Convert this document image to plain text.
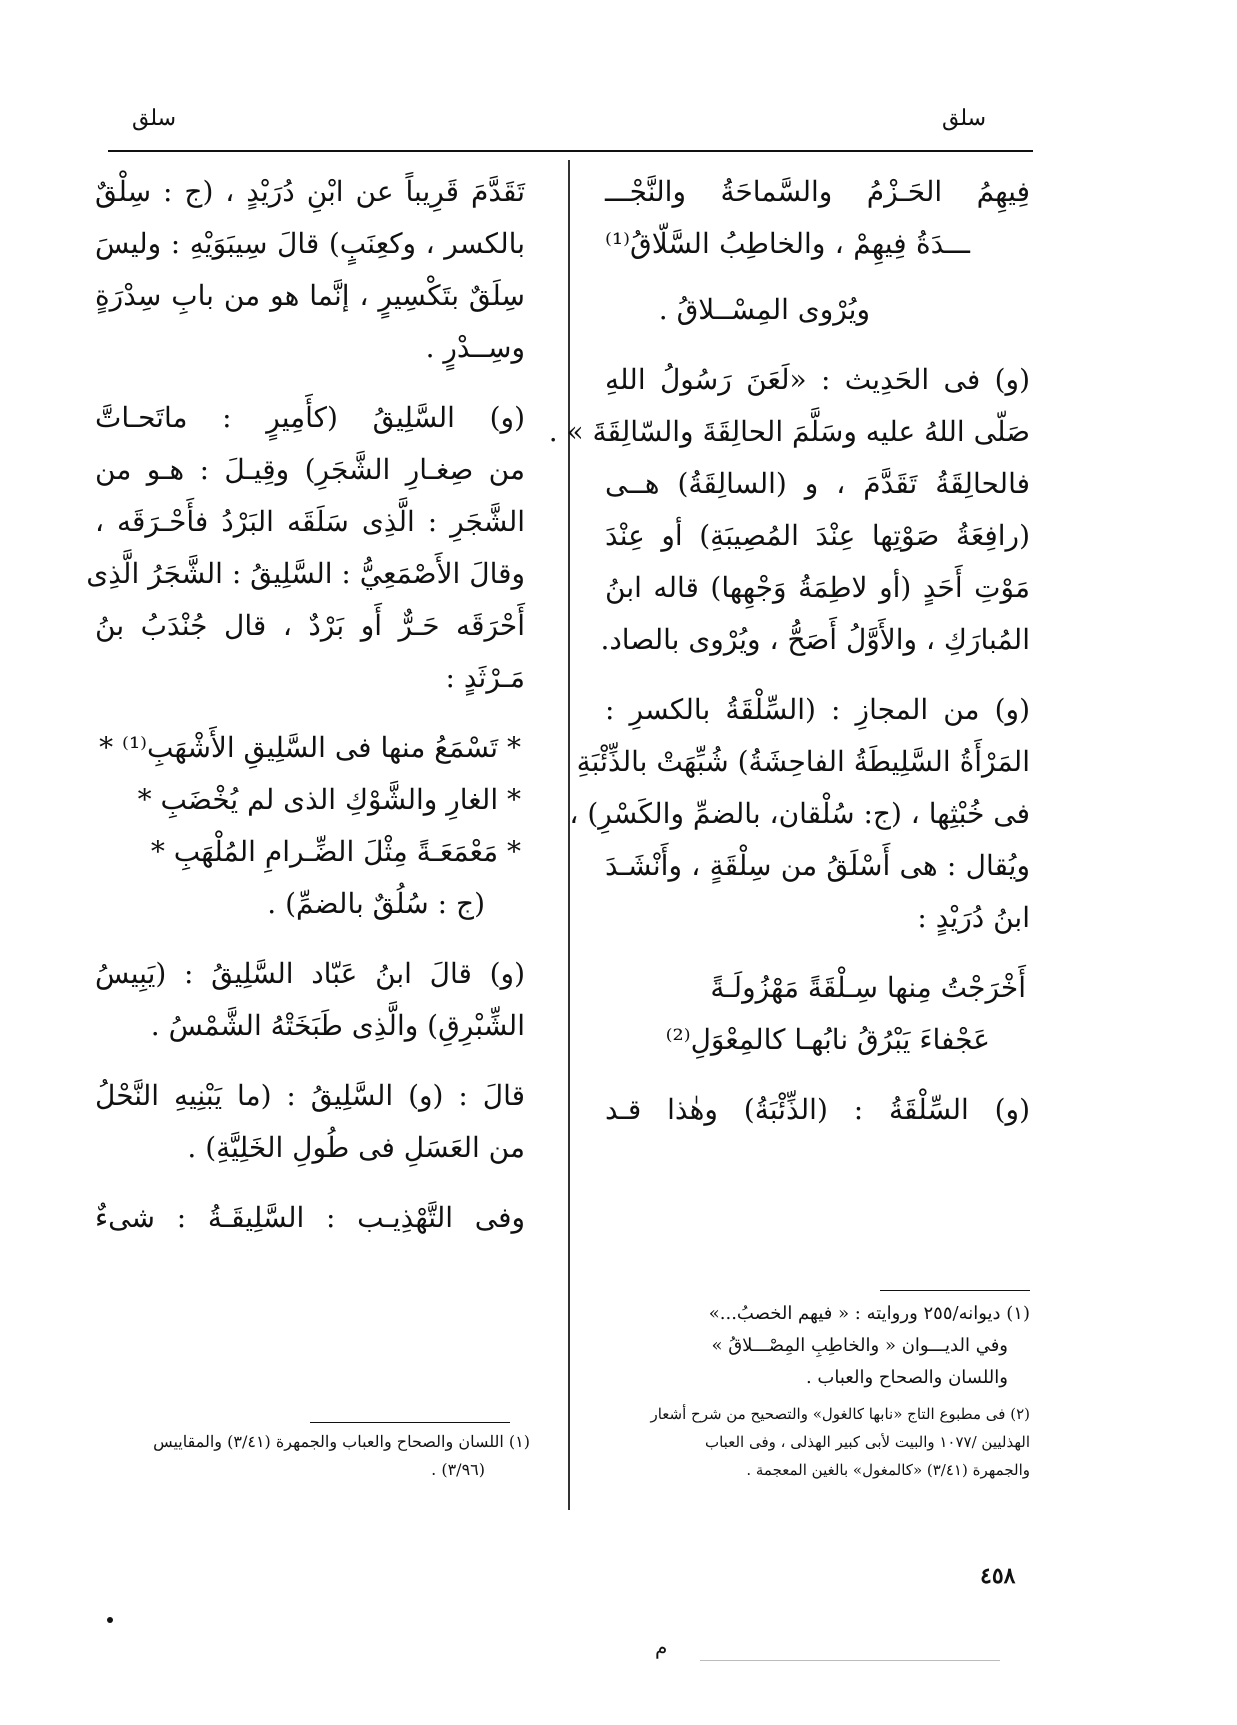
سلق	سلق
فِيهِمُ الحَـزْمُ والسَّماحَةُ والنَّجْـــ
ـــدَةُ فِيهِمْ ، والخاطِبُ السَّلّاقُ⁽¹⁾
ويُرْوى المِسْــلاقُ .
(و) فى الحَدِيث : «لَعَنَ رَسُولُ اللهِ
صَلّى اللهُ عليه وسَلَّمَ الحالِقَةَ والسّالِقَةَ » .
فالحالِقَةُ تَقَدَّمَ ، و (السالِقَةُ) هــى
(رافِعَةُ صَوْتِها عِنْدَ المُصِيبَةِ) أو عِنْدَ
مَوْتِ أَحَدٍ (أو لاطِمَةُ وَجْهِها) قاله ابنُ
المُبارَكِ ، والأَوَّلُ أَصَحُّ ، ويُرْوى بالصاد.
(و) من المجازِ : (السِّلْقَةُ بالكسرِ :
المَرْأَةُ السَّلِيطَةُ الفاحِشَةُ) شُبِّهَتْ بالذِّئْبَةِ
فى خُبْثِها ، (ج: سُلْقان، بالضمِّ والكَسْرِ) ،
ويُقال : هى أَسْلَقُ من سِلْقَةٍ ، وأَنْشَـدَ
ابنُ دُرَيْدٍ :
أَخْرَجْتُ مِنها سِـلْقَةً مَهْزُولَـةً
عَجْفاءَ يَبْرُقُ نابُهـا كالمِعْوَلِ⁽²⁾
(و) السِّلْقَةُ : (الذِّئْبَةُ) وهٰذا قـد
(١) ديوانه/٢٥٥ وروايته : « فيهم الخصبُ...»
وفي الديـــوان « والخاطِبِ المِصْـــلاقُ »
واللسان والصحاح والعباب .
(٢) فى مطبوع التاج «نابها كالغول» والتصحيح من شرح أشعار
الهذليين /١٠٧٧ والبيت لأبى كبير الهذلى ، وفى العباب
والجمهرة (٣/٤١) «كالمغول» بالغين المعجمة .
تَقَدَّمَ قَرِيباً عن ابْنِ دُرَيْدٍ ، (ج : سِلْقٌ
بالكسر ، وكعِنَبٍ) قالَ سِيبَوَيْهِ : وليسَ
سِلَقٌ بتَكْسِيرٍ ، إنَّما هو من بابِ سِدْرَةٍ
وسِــدْرٍ .
(و) السَّلِيقُ (كأَمِيرٍ : ماتَحـاتَّ
من صِغـارِ الشَّجَرِ) وقِيـلَ : هـو من
الشَّجَرِ : الَّذِى سَلَقَه البَرْدُ فأَحْـرَقَه ،
وقالَ الأَصْمَعِيُّ : السَّلِيقُ : الشَّجَرُ الَّذِى
أَحْرَقَه حَـرٌّ أَو بَرْدٌ ، قال جُنْدَبُ بنُ
مَـرْثَدٍ :
* تَسْمَعُ منها فى السَّلِيقِ الأَشْهَبِ⁽¹⁾ *
* الغارِ والشَّوْكِ الذى لم يُخْضَبِ *
* مَعْمَعَـةً مِثْلَ الضِّـرامِ المُلْهَبِ *
(ج : سُلُقٌ بالضمِّ) .
(و) قالَ ابنُ عَبّاد السَّلِيقُ : (يَبِيسُ
الشِّبْرِقِ) والَّذِى طَبَخَتْهُ الشَّمْسُ .
قالَ : (و) السَّلِيقُ : (ما يَبْنِيهِ النَّحْلُ
من العَسَلِ فى طُولِ الخَلِيَّةِ) .
وفى التَّهْذِيـب : السَّلِيقَـةُ : شىءٌ
(١) اللسان والصحاح والعباب والجمهرة (٣/٤١) والمقاييس
(٣/٩٦) .
٤٥٨
م
